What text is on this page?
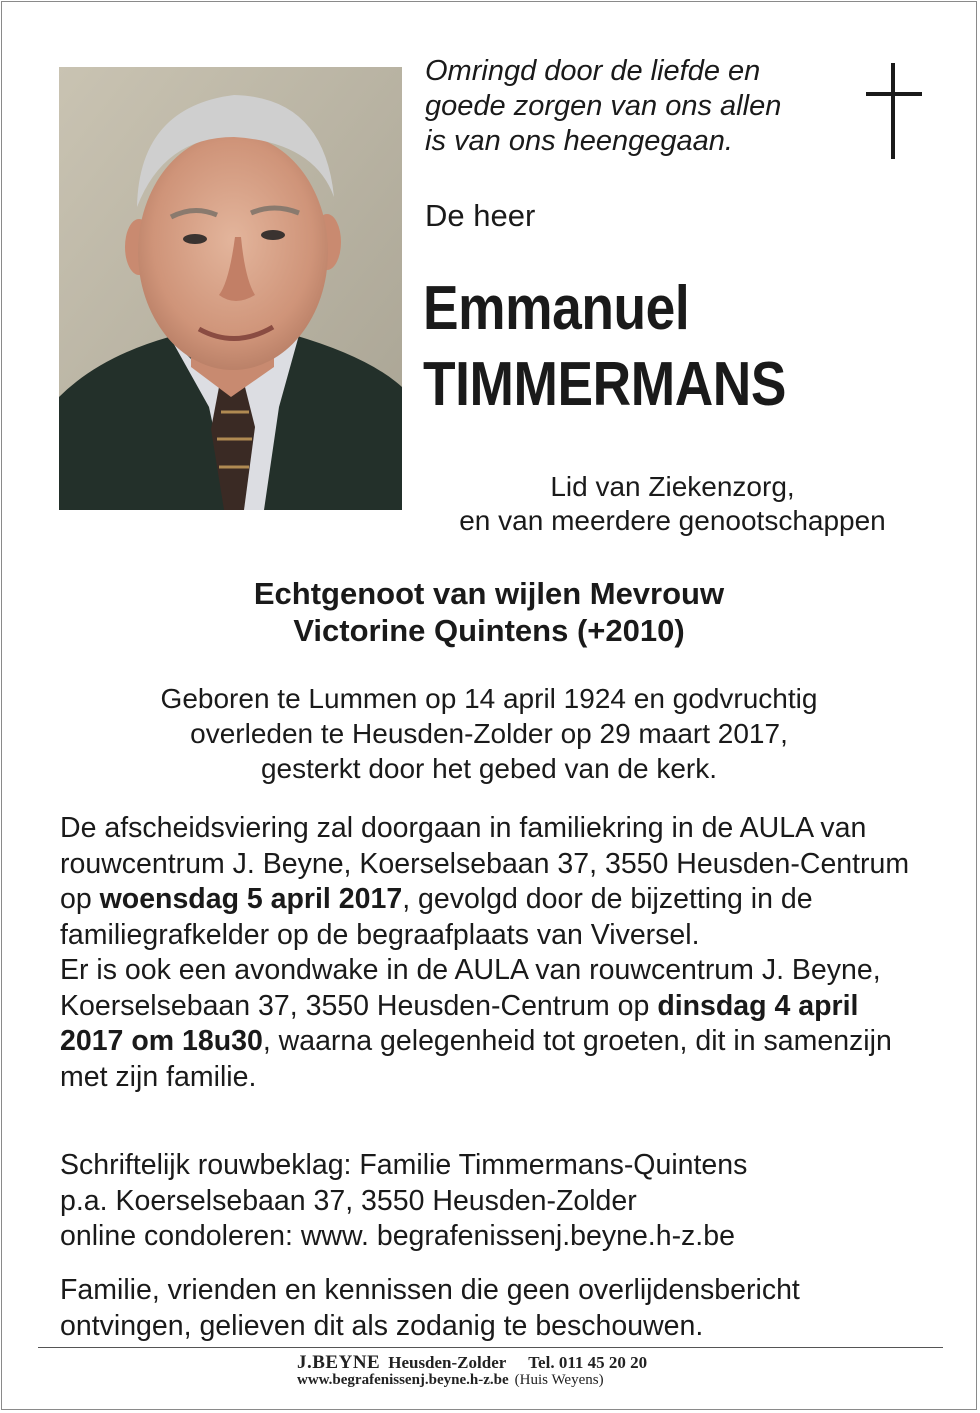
Omringd door de liefde en
goede zorgen van ons allen
is van ons heengegaan.
De heer
Emmanuel
TIMMERMANS
Lid van Ziekenzorg,
en van meerdere genootschappen
Echtgenoot van wijlen Mevrouw
Victorine Quintens (+2010)
Geboren te Lummen op 14 april 1924 en godvruchtig
overleden te Heusden-Zolder op 29 maart 2017,
gesterkt door het gebed van de kerk.

De afscheidsviering zal doorgaan in familiekring in de AULA van rouwcentrum J. Beyne, Koerselsebaan 37, 3550 Heusden-Centrum op woensdag 5 april 2017, gevolgd door de bijzetting in de familiegrafkelder op de begraafplaats van Viversel.

Er is ook een avondwake in de AULA van rouwcentrum J. Beyne, Koerselsebaan 37, 3550 Heusden-Centrum op dinsdag 4 april 2017 om 18u30, waarna gelegenheid tot groeten, dit in samenzijn met zijn familie.

Schriftelijk rouwbeklag: Familie Timmermans-Quintens
p.a. Koerselsebaan 37, 3550 Heusden-Zolder
online condoleren: www. begrafenissenj.beyne.h-z.be
Familie, vrienden en kennissen die geen overlijdensbericht ontvingen, gelieven dit als zodanig te beschouwen.
J.BEYNE Heusden-Zolder Tel. 011 45 20 20
www.begrafenissenj.beyne.h-z.be (Huis Weyens)
